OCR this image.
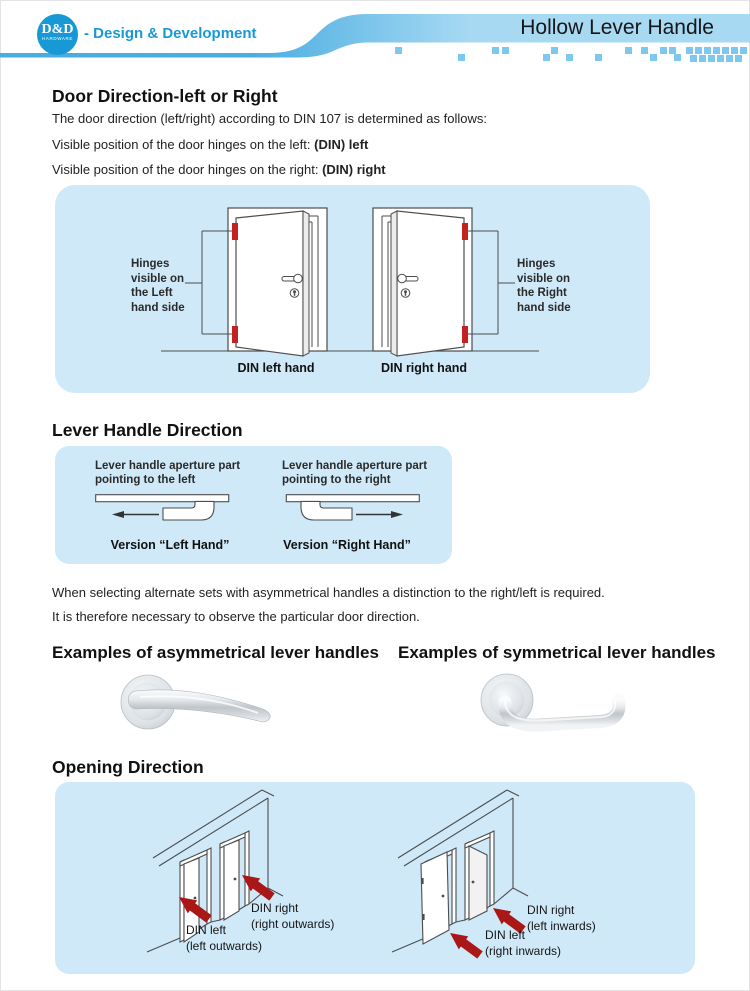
D&D
HARDWARE - Design & Development	Hollow Lever Handle
Door Direction-left or Right

The door direction (left/right) according to DIN 107 is determined as follows:

Visible position of the door hinges on the left: (DIN) left

Visible position of the door hinges on the right: (DIN) right

Hinges
visible on
the Left
hand side
Hinges
visible on
the Right
hand side
DIN left hand	DIN right hand
Lever Handle Direction
Lever handle aperture part
pointing to the left
Lever handle aperture part
pointing to the right
Version “Left Hand”	Version “Right Hand”

When selecting alternate sets with asymmetrical handles a distinction to the right/left is required.

It is therefore necessary to observe the particular door direction.

Examples of asymmetrical lever handles Examples of symmetrical lever handles
Opening Direction
DIN left
(left outwards)
DIN right
(right outwards)
DIN right
(left inwards)
DIN left
(right inwards)
